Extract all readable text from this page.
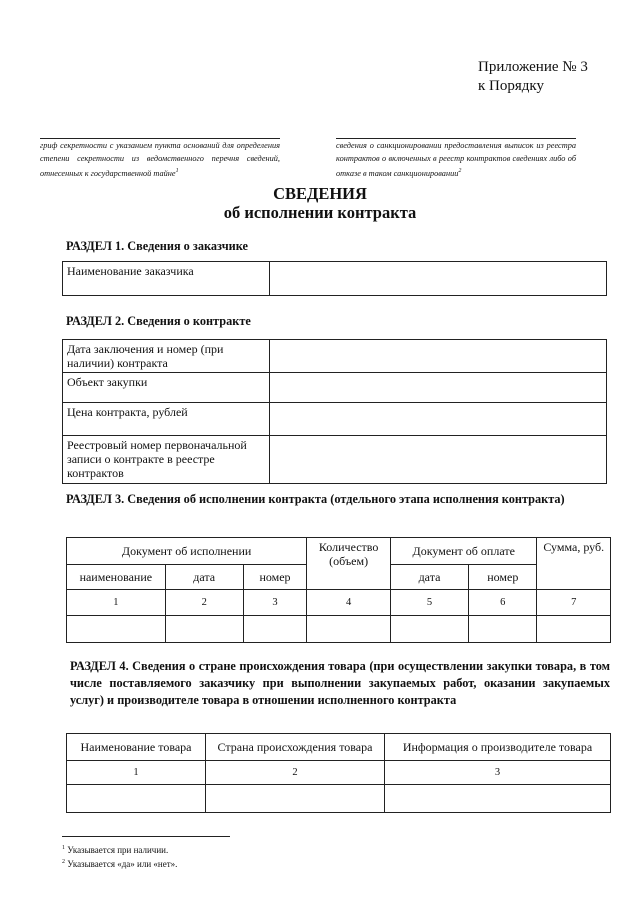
Приложение № 3
к Порядку
гриф секретности с указанием пункта оснований для определения степени секретности из ведомственного перечня сведений, отнесенных к государственной тайне$^1$
сведения о санкционировании предоставления выписок из реестра контрактов о включенных в реестр контрактов сведениях либо об отказе в таком санкционировании$^2$
СВЕДЕНИЯ
об исполнении контракта
РАЗДЕЛ 1. Сведения о заказчике
Наименование заказчика	
РАЗДЕЛ 2. Сведения о контракте
Дата заключения и номер (при наличии) контракта	
Объект закупки	
Цена контракта, рублей	
Реестровый номер первоначальной записи о контракте в реестре контрактов	
РАЗДЕЛ 3. Сведения об исполнении контракта (отдельного этапа исполнения контракта)
Документ об исполнении			Количество (объем)	Документ об оплате		Сумма, руб.
наименование	дата	номер		дата	номер	
1	2	3	4	5	6	7

РАЗДЕЛ 4. Сведения о стране происхождения товара (при осуществлении закупки товара, в том числе поставляемого заказчику при выполнении закупаемых работ, оказании закупаемых услуг) и производителе товара в отношении исполненного контракта
Наименование товара	Страна происхождения товара	Информация о производителе товара
1	2	3

$^1$ Указывается при наличии.
$^2$ Указывается «да» или «нет».
